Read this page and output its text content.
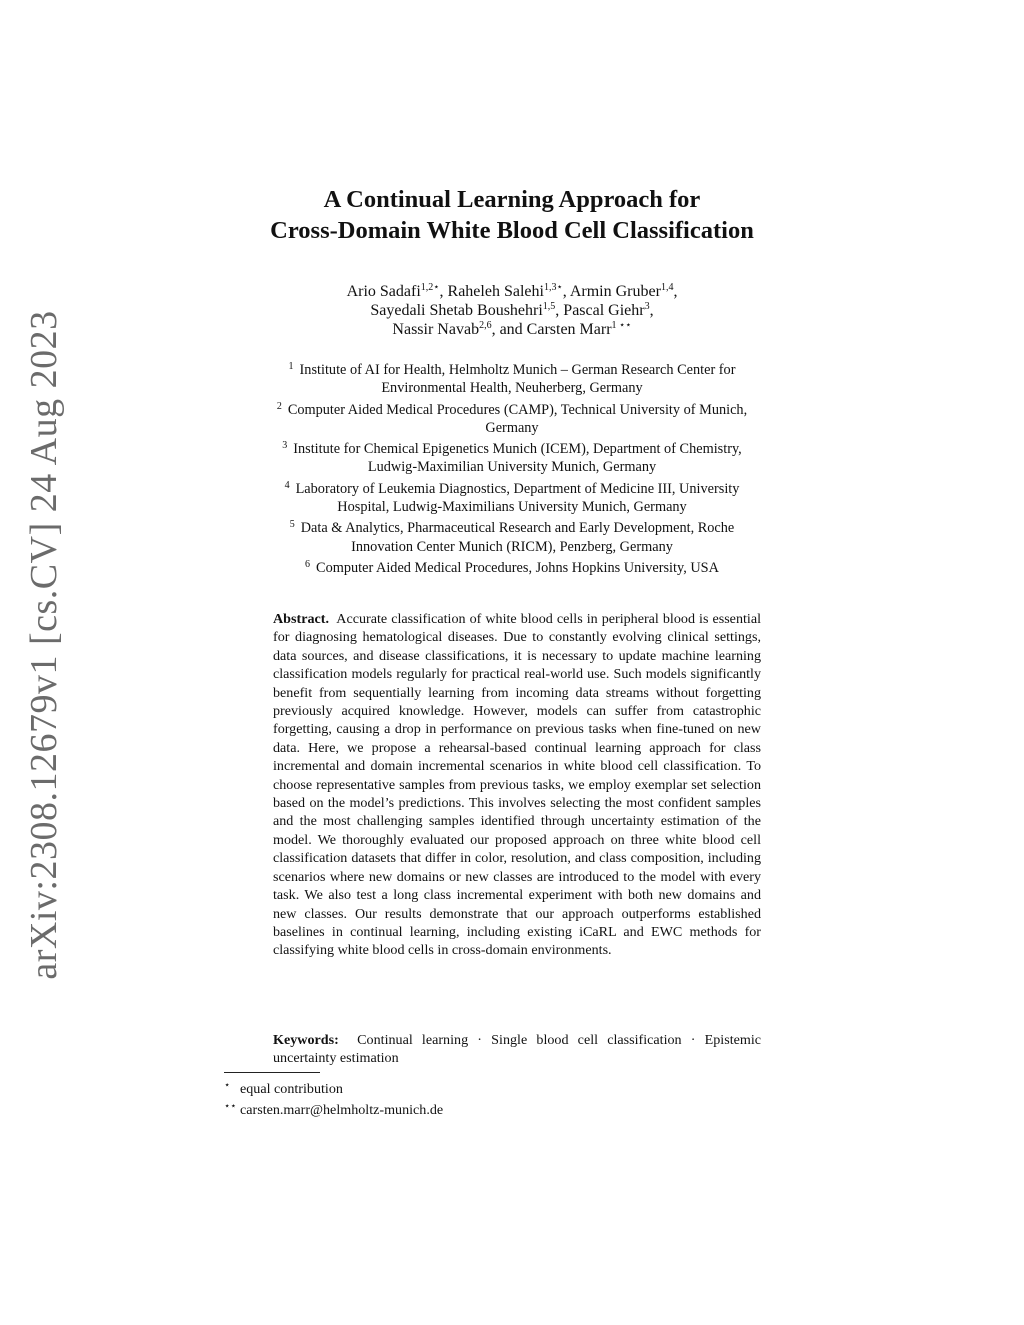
arXiv:2308.12679v1 [cs.CV] 24 Aug 2023
A Continual Learning Approach for
Cross-Domain White Blood Cell Classification
Ario Sadafi$^{1,2⋆}$, Raheleh Salehi$^{1,3⋆}$, Armin Gruber$^{1,4}$,
Sayedali Shetab Boushehri$^{1,5}$, Pascal Giehr$^3$,
Nassir Navab$^{2,6}$, and Carsten Marr$^1$ ⋆⋆
$^1$ Institute of AI for Health, Helmholtz Munich – German Research Center for
Environmental Health, Neuherberg, Germany
$^2$ Computer Aided Medical Procedures (CAMP), Technical University of Munich,
Germany
$^3$ Institute for Chemical Epigenetics Munich (ICEM), Department of Chemistry,
Ludwig-Maximilian University Munich, Germany
$^4$ Laboratory of Leukemia Diagnostics, Department of Medicine III, University
Hospital, Ludwig-Maximilians University Munich, Germany
$^5$ Data & Analytics, Pharmaceutical Research and Early Development, Roche
Innovation Center Munich (RICM), Penzberg, Germany
$^6$ Computer Aided Medical Procedures, Johns Hopkins University, USA
Abstract. Accurate classification of white blood cells in peripheral blood is essential for diagnosing hematological diseases. Due to constantly evolving clinical settings, data sources, and disease classifications, it is necessary to update machine learning classification models regularly for practical real-world use. Such models significantly benefit from sequentially learning from incoming data streams without forgetting previously acquired knowledge. However, models can suffer from catastrophic forgetting, causing a drop in performance on previous tasks when fine-tuned on new data. Here, we propose a rehearsal-based continual learning approach for class incremental and domain incremental scenarios in white blood cell classification. To choose representative samples from previous tasks, we employ exemplar set selection based on the model’s predictions. This involves selecting the most confident samples and the most challenging samples identified through uncertainty estimation of the model. We thoroughly evaluated our proposed approach on three white blood cell classification datasets that differ in color, resolution, and class composition, including scenarios where new domains or new classes are introduced to the model with every task. We also test a long class incremental experiment with both new domains and new classes. Our results demonstrate that our approach outperforms established baselines in continual learning, including existing iCaRL and EWC methods for classifying white blood cells in cross-domain environments.
Keywords: Continual learning · Single blood cell classification · Epistemic uncertainty estimation
⋆ equal contribution
⋆⋆ carsten.marr@helmholtz-munich.de
